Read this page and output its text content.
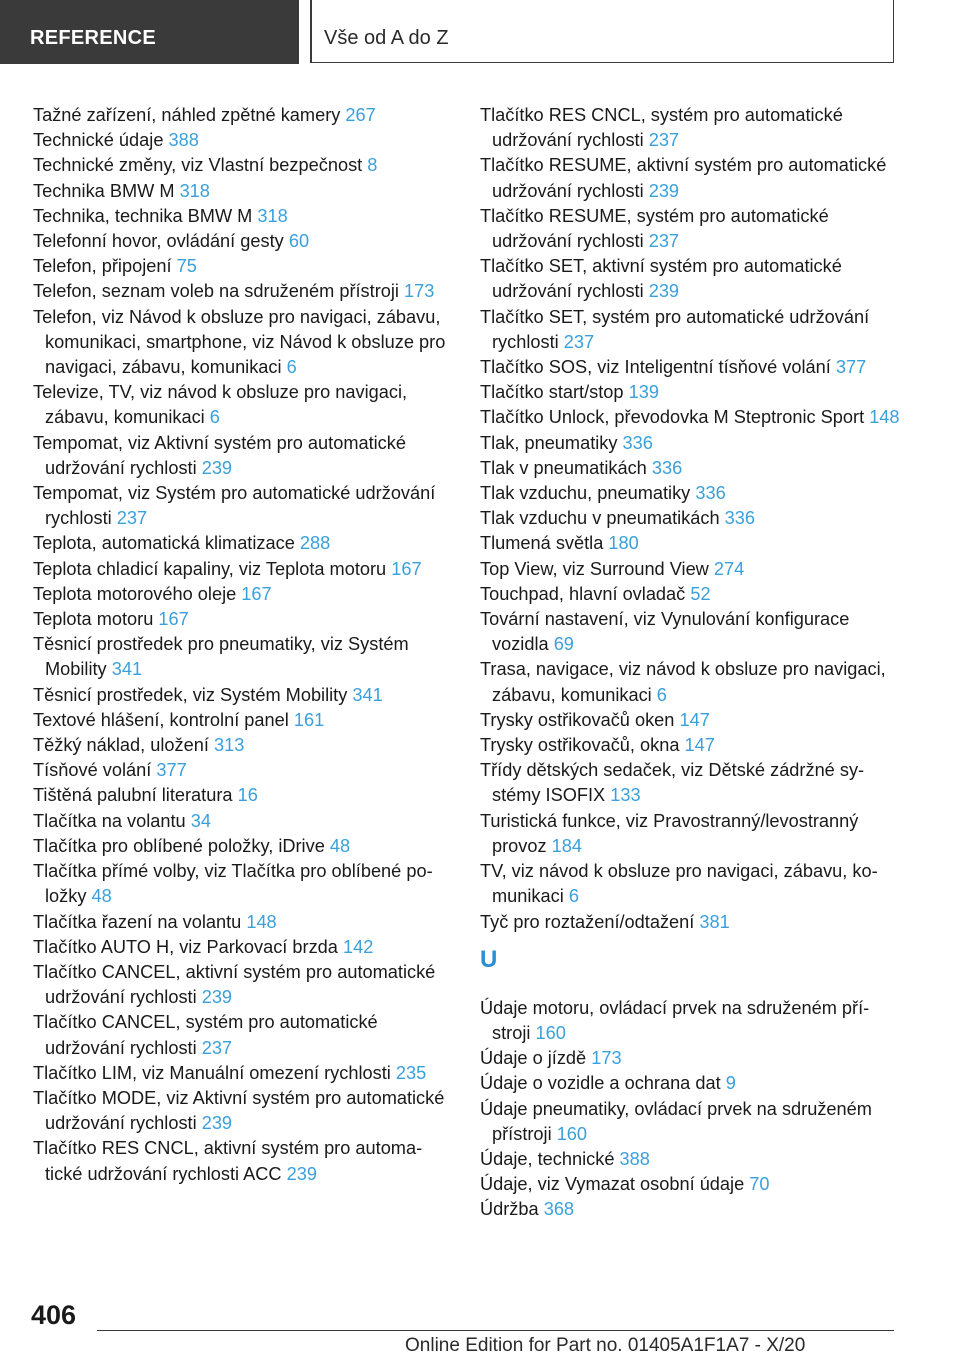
REFERENCE	Vše od A do Z
Tažné zařízení, náhled zpětné kamery 267
Technické údaje 388
Technické změny, viz Vlastní bezpečnost 8
Technika BMW M 318
Technika, technika BMW M 318
Telefonní hovor, ovládání gesty 60
Telefon, připojení 75
Telefon, seznam voleb na sdruženém přístroji 173
Telefon, viz Návod k obsluze pro navigaci, zábavu, komunikaci, smartphone, viz Návod k obsluze pro navigaci, zábavu, komunikaci 6
Televize, TV, viz návod k obsluze pro navigaci, zábavu, komunikaci 6
Tempomat, viz Aktivní systém pro automatické udržování rychlosti 239
Tempomat, viz Systém pro automatické udržování rychlosti 237
Teplota, automatická klimatizace 288
Teplota chladicí kapaliny, viz Teplota motoru 167
Teplota motorového oleje 167
Teplota motoru 167
Těsnicí prostředek pro pneumatiky, viz Systém Mobility 341
Těsnicí prostředek, viz Systém Mobility 341
Textové hlášení, kontrolní panel 161
Těžký náklad, uložení 313
Tísňové volání 377
Tištěná palubní literatura 16
Tlačítka na volantu 34
Tlačítka pro oblíbené položky, iDrive 48
Tlačítka přímé volby, viz Tlačítka pro oblíbené položky 48
Tlačítka řazení na volantu 148
Tlačítko AUTO H, viz Parkovací brzda 142
Tlačítko CANCEL, aktivní systém pro automatické udržování rychlosti 239
Tlačítko CANCEL, systém pro automatické udržování rychlosti 237
Tlačítko LIM, viz Manuální omezení rychlosti 235
Tlačítko MODE, viz Aktivní systém pro automatické udržování rychlosti 239
Tlačítko RES CNCL, aktivní systém pro automatické udržování rychlosti ACC 239
Tlačítko RES CNCL, systém pro automatické udržování rychlosti 237
Tlačítko RESUME, aktivní systém pro automatické udržování rychlosti 239
Tlačítko RESUME, systém pro automatické udržování rychlosti 237
Tlačítko SET, aktivní systém pro automatické udržování rychlosti 239
Tlačítko SET, systém pro automatické udržování rychlosti 237
Tlačítko SOS, viz Inteligentní tísňové volání 377
Tlačítko start/stop 139
Tlačítko Unlock, převodovka M Steptronic Sport 148
Tlak, pneumatiky 336
Tlak v pneumatikách 336
Tlak vzduchu, pneumatiky 336
Tlak vzduchu v pneumatikách 336
Tlumená světla 180
Top View, viz Surround View 274
Touchpad, hlavní ovladač 52
Tovární nastavení, viz Vynulování konfigurace vozidla 69
Trasa, navigace, viz návod k obsluze pro navigaci, zábavu, komunikaci 6
Trysky ostřikovačů oken 147
Trysky ostřikovačů, okna 147
Třídy dětských sedaček, viz Dětské zádržné systémy ISOFIX 133
Turistická funkce, viz Pravostranný/levostranný provoz 184
TV, viz návod k obsluze pro navigaci, zábavu, komunikaci 6
Tyč pro roztažení/odtažení 381
U
Údaje motoru, ovládací prvek na sdruženém přístroji 160
Údaje o jízdě 173
Údaje o vozidle a ochrana dat 9
Údaje pneumatiky, ovládací prvek na sdruženém přístroji 160
Údaje, technické 388
Údaje, viz Vymazat osobní údaje 70
Údržba 368
406
Online Edition for Part no. 01405A1F1A7 - X/20
